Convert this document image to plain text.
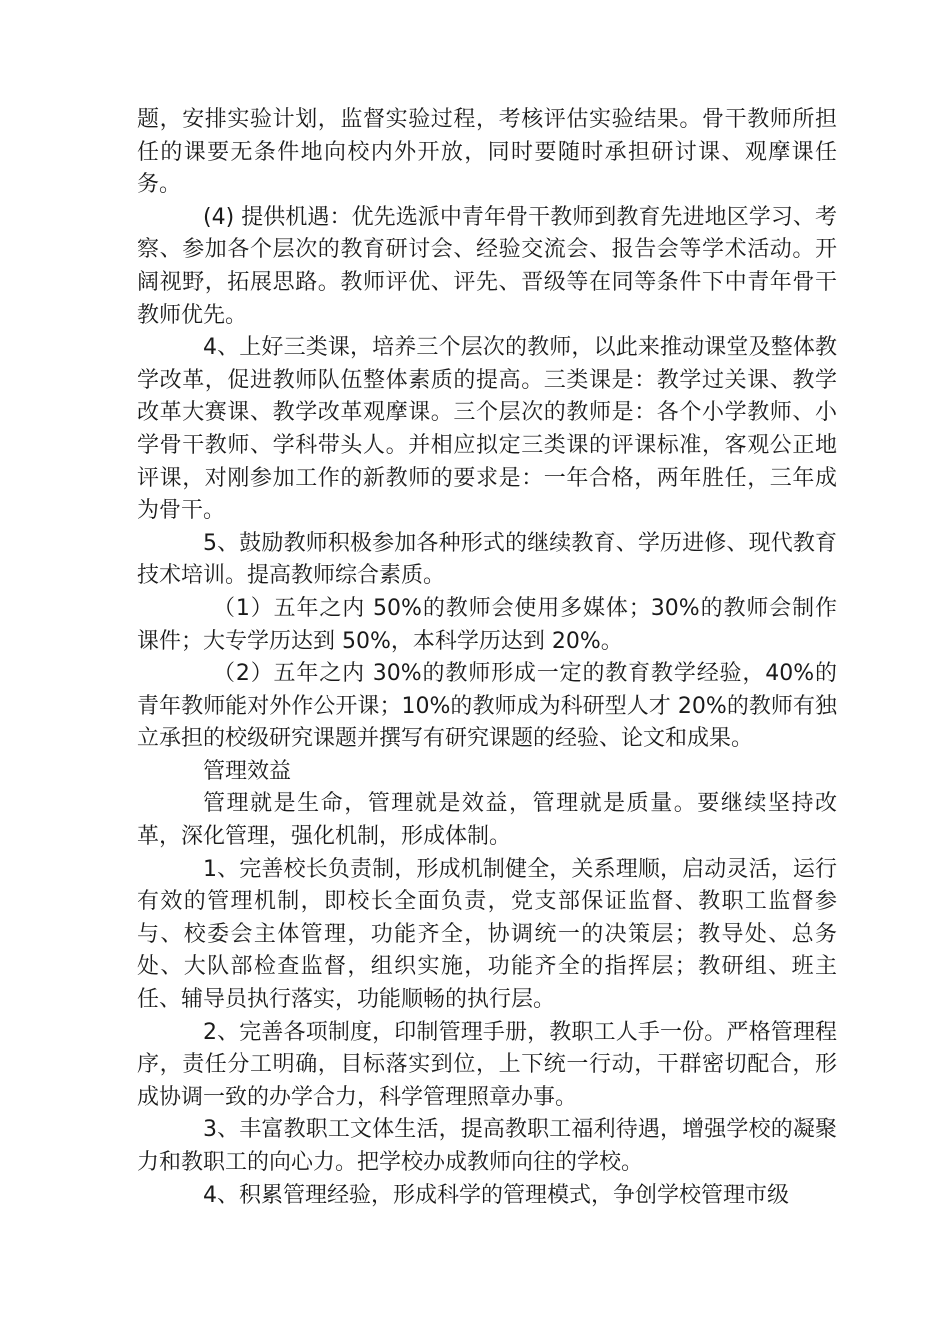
题，安排实验计划，监督实验过程，考核评估实验结果。骨干教师所担任的课要无条件地向校内外开放，同时要随时承担研讨课、观摩课任务。

(4) 提供机遇：优先选派中青年骨干教师到教育先进地区学习、考察、参加各个层次的教育研讨会、经验交流会、报告会等学术活动。开阔视野，拓展思路。教师评优、评先、晋级等在同等条件下中青年骨干教师优先。

4、上好三类课，培养三个层次的教师，以此来推动课堂及整体教学改革，促进教师队伍整体素质的提高。三类课是：教学过关课、教学改革大赛课、教学改革观摩课。三个层次的教师是：各个小学教师、小学骨干教师、学科带头人。并相应拟定三类课的评课标准，客观公正地评课，对刚参加工作的新教师的要求是：一年合格，两年胜任，三年成为骨干。

5、鼓励教师积极参加各种形式的继续教育、学历进修、现代教育技术培训。提高教师综合素质。

（1）五年之内 50%的教师会使用多媒体；30%的教师会制作课件；大专学历达到 50%，本科学历达到 20%。

（2）五年之内 30%的教师形成一定的教育教学经验，40%的青年教师能对外作公开课；10%的教师成为科研型人才 20%的教师有独立承担的校级研究课题并撰写有研究课题的经验、论文和成果。

管理效益

管理就是生命，管理就是效益，管理就是质量。要继续坚持改革，深化管理，强化机制，形成体制。

1、完善校长负责制，形成机制健全，关系理顺，启动灵活，运行有效的管理机制，即校长全面负责，党支部保证监督、教职工监督参与、校委会主体管理，功能齐全，协调统一的决策层；教导处、总务处、大队部检查监督，组织实施，功能齐全的指挥层；教研组、班主任、辅导员执行落实，功能顺畅的执行层。

2、完善各项制度，印制管理手册，教职工人手一份。严格管理程序，责任分工明确，目标落实到位，上下统一行动，干群密切配合，形成协调一致的办学合力，科学管理照章办事。

3、丰富教职工文体生活，提高教职工福利待遇，增强学校的凝聚力和教职工的向心力。把学校办成教师向往的学校。

4、积累管理经验，形成科学的管理模式，争创学校管理市级
